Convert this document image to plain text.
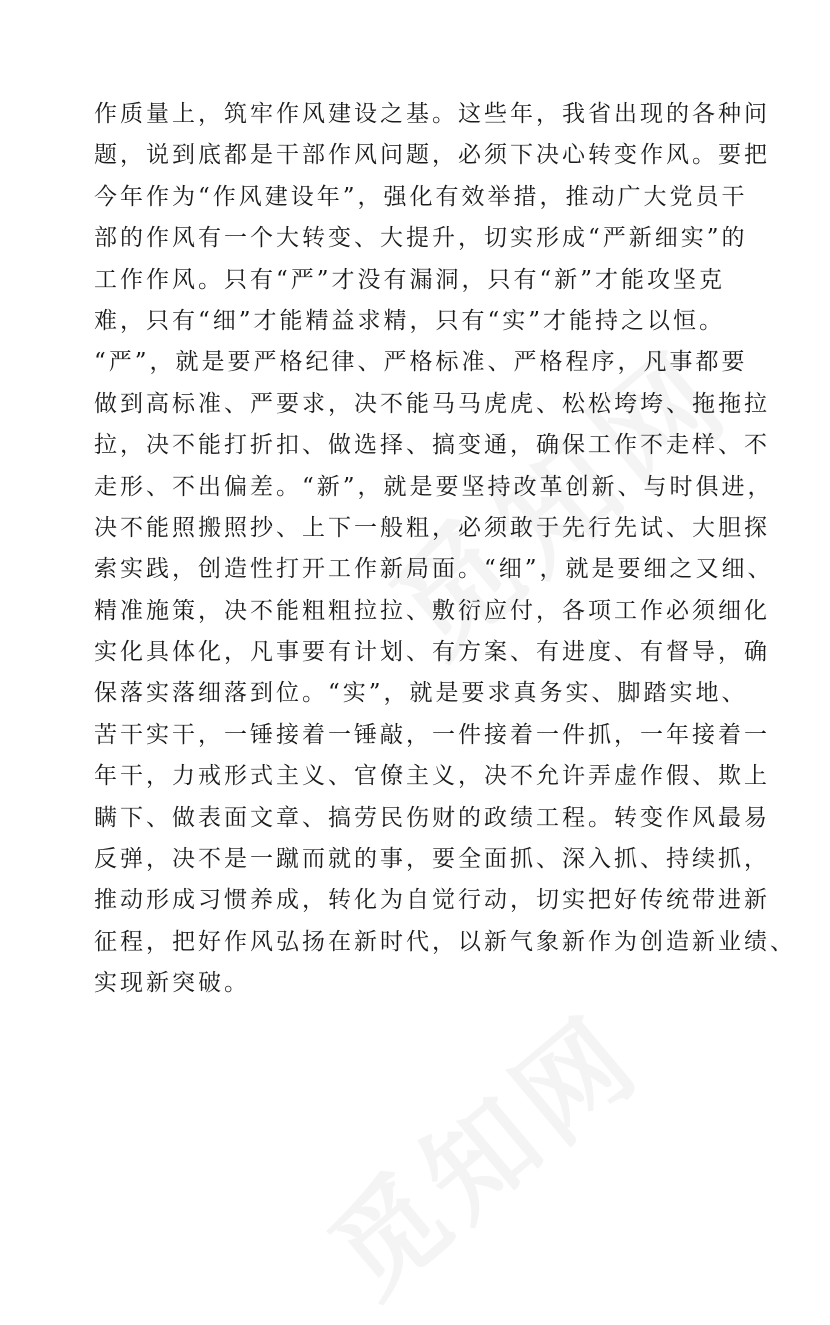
作质量上，筑牢作风建设之基。这些年，我省出现的各种问
题，说到底都是干部作风问题，必须下决心转变作风。要把
今年作为“作风建设年”，强化有效举措，推动广大党员干
部的作风有一个大转变、大提升，切实形成“严新细实”的
工作作风。只有“严”才没有漏洞，只有“新”才能攻坚克
难，只有“细”才能精益求精，只有“实”才能持之以恒。
“严”，就是要严格纪律、严格标准、严格程序，凡事都要
做到高标准、严要求，决不能马马虎虎、松松垮垮、拖拖拉
拉，决不能打折扣、做选择、搞变通，确保工作不走样、不
走形、不出偏差。“新”，就是要坚持改革创新、与时俱进，
决不能照搬照抄、上下一般粗，必须敢于先行先试、大胆探
索实践，创造性打开工作新局面。“细”，就是要细之又细、
精准施策，决不能粗粗拉拉、敷衍应付，各项工作必须细化
实化具体化，凡事要有计划、有方案、有进度、有督导，确
保落实落细落到位。“实”，就是要求真务实、脚踏实地、
苦干实干，一锤接着一锤敲，一件接着一件抓，一年接着一
年干，力戒形式主义、官僚主义，决不允许弄虚作假、欺上
瞒下、做表面文章、搞劳民伤财的政绩工程。转变作风最易
反弹，决不是一蹴而就的事，要全面抓、深入抓、持续抓，
推动形成习惯养成，转化为自觉行动，切实把好传统带进新
征程，把好作风弘扬在新时代，以新气象新作为创造新业绩、
实现新突破。
